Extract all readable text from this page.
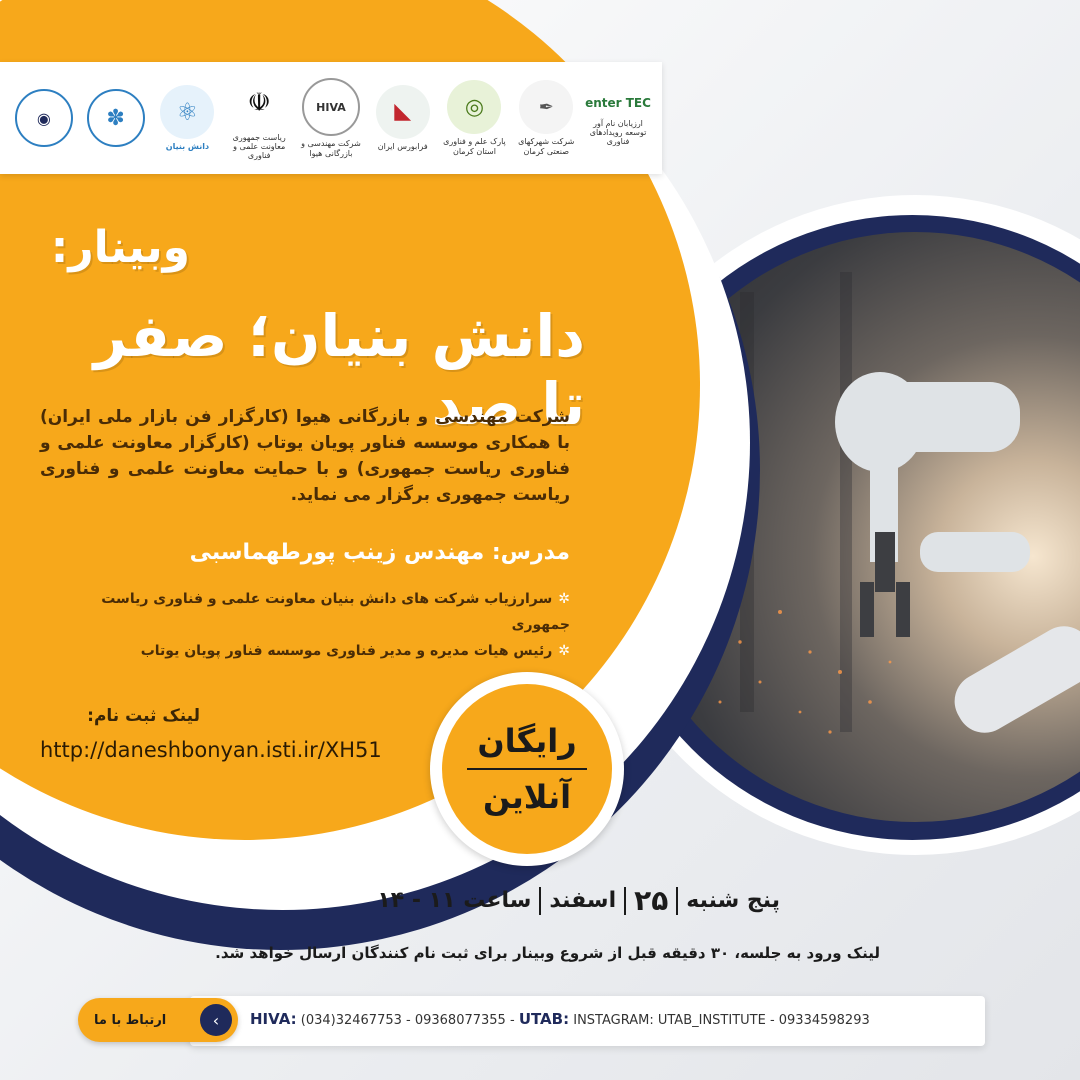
enter TEC
ارزیابان نام آور توسعه رویدادهای فناوری
✒
شرکت شهرکهای صنعتی کرمان
◎
پارک علم و فناوری استان کرمان
◣
فرابورس ایران
HIVA
شرکت مهندسی و بازرگانی هیوا
☫
ریاست جمهوری معاونت علمی و فناوری
⚛
دانش بنیان
✽
◉
وبینار:
دانش بنیان؛ صفر تا صد
شرکت مهندسی و بازرگانی هیوا (کارگزار فن بازار ملی ایران) با همکاری موسسه فناور پویان یوتاب (کارگزار معاونت علمی و فناوری ریاست جمهوری) و با حمایت معاونت علمی و فناوری ریاست جمهوری برگزار می نماید.
مدرس: مهندس زینب پورطهماسبی
✲سرارزیاب شرکت های دانش بنیان معاونت علمی و فناوری ریاست جمهوری
✲رئیس هیات مدیره و مدیر فناوری موسسه فناور پویان یوتاب
لینک ثبت نام:
http://daneshbonyan.isti.ir/XH51	رایگان
آنلاین
پنج شنبه
۲۵
اسفند
ساعت ۱۱ - ۱۴
لینک ورود به جلسه، ۳۰ دقیقه قبل از شروع وبینار برای ثبت نام کنندگان ارسال خواهد شد.
HIVA: (034)32467753 - 09368077355 - UTAB: INSTAGRAM: UTAB_INSTITUTE - 09334598293
ارتباط با ما	‹
